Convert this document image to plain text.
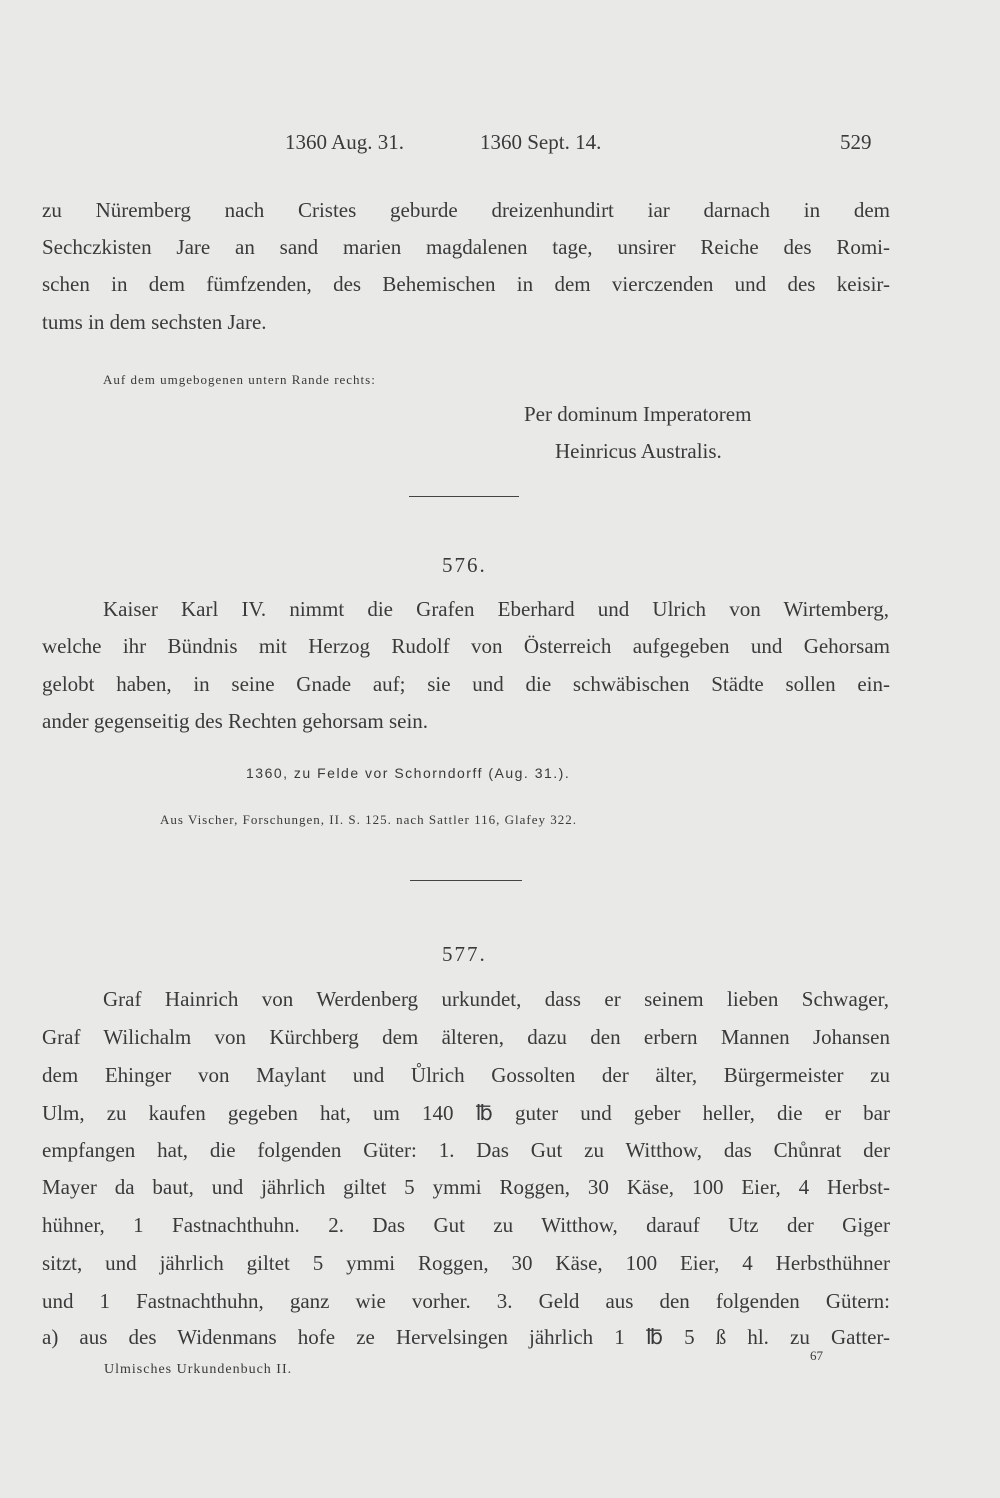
1360 Aug. 31.	1360 Sept. 14.	529
zu Nüremberg nach Cristes geburde dreizenhundirt iar darnach in dem
Sechczkisten Jare an sand marien magdalenen tage, unsirer Reiche des Romi-
schen in dem fümfzenden, des Behemischen in dem vierczenden und des keisir-
tums in dem sechsten Jare.
Auf dem umgebogenen untern Rande rechts:
Per dominum Imperatorem
Heinricus Australis.
576.
Kaiser Karl IV. nimmt die Grafen Eberhard und Ulrich von Wirtemberg,
welche ihr Bündnis mit Herzog Rudolf von Österreich aufgegeben und Gehorsam
gelobt haben, in seine Gnade auf; sie und die schwäbischen Städte sollen ein-
ander gegenseitig des Rechten gehorsam sein.
1360, zu Felde vor Schorndorff (Aug. 31.).
Aus Vischer, Forschungen, II. S. 125. nach Sattler 116, Glafey 322.
577.
Graf Hainrich von Werdenberg urkundet, dass er seinem lieben Schwager,
Graf Wilichalm von Kürchberg dem älteren, dazu den erbern Mannen Johansen
dem Ehinger von Maylant und Ůlrich Gossolten der älter, Bürgermeister zu
Ulm, zu kaufen gegeben hat, um 140 ℔ guter und geber heller, die er bar
empfangen hat, die folgenden Güter: 1. Das Gut zu Witthow, das Chůnrat der
Mayer da baut, und jährlich giltet 5 ymmi Roggen, 30 Käse, 100 Eier, 4 Herbst-
hühner, 1 Fastnachthuhn. 2. Das Gut zu Witthow, darauf Utz der Giger
sitzt, und jährlich giltet 5 ymmi Roggen, 30 Käse, 100 Eier, 4 Herbsthühner
und 1 Fastnachthuhn, ganz wie vorher. 3. Geld aus den folgenden Gütern:
a) aus des Widenmans hofe ze Hervelsingen jährlich 1 ℔ 5 ß hl. zu Gatter-
Ulmisches Urkundenbuch II.
67
